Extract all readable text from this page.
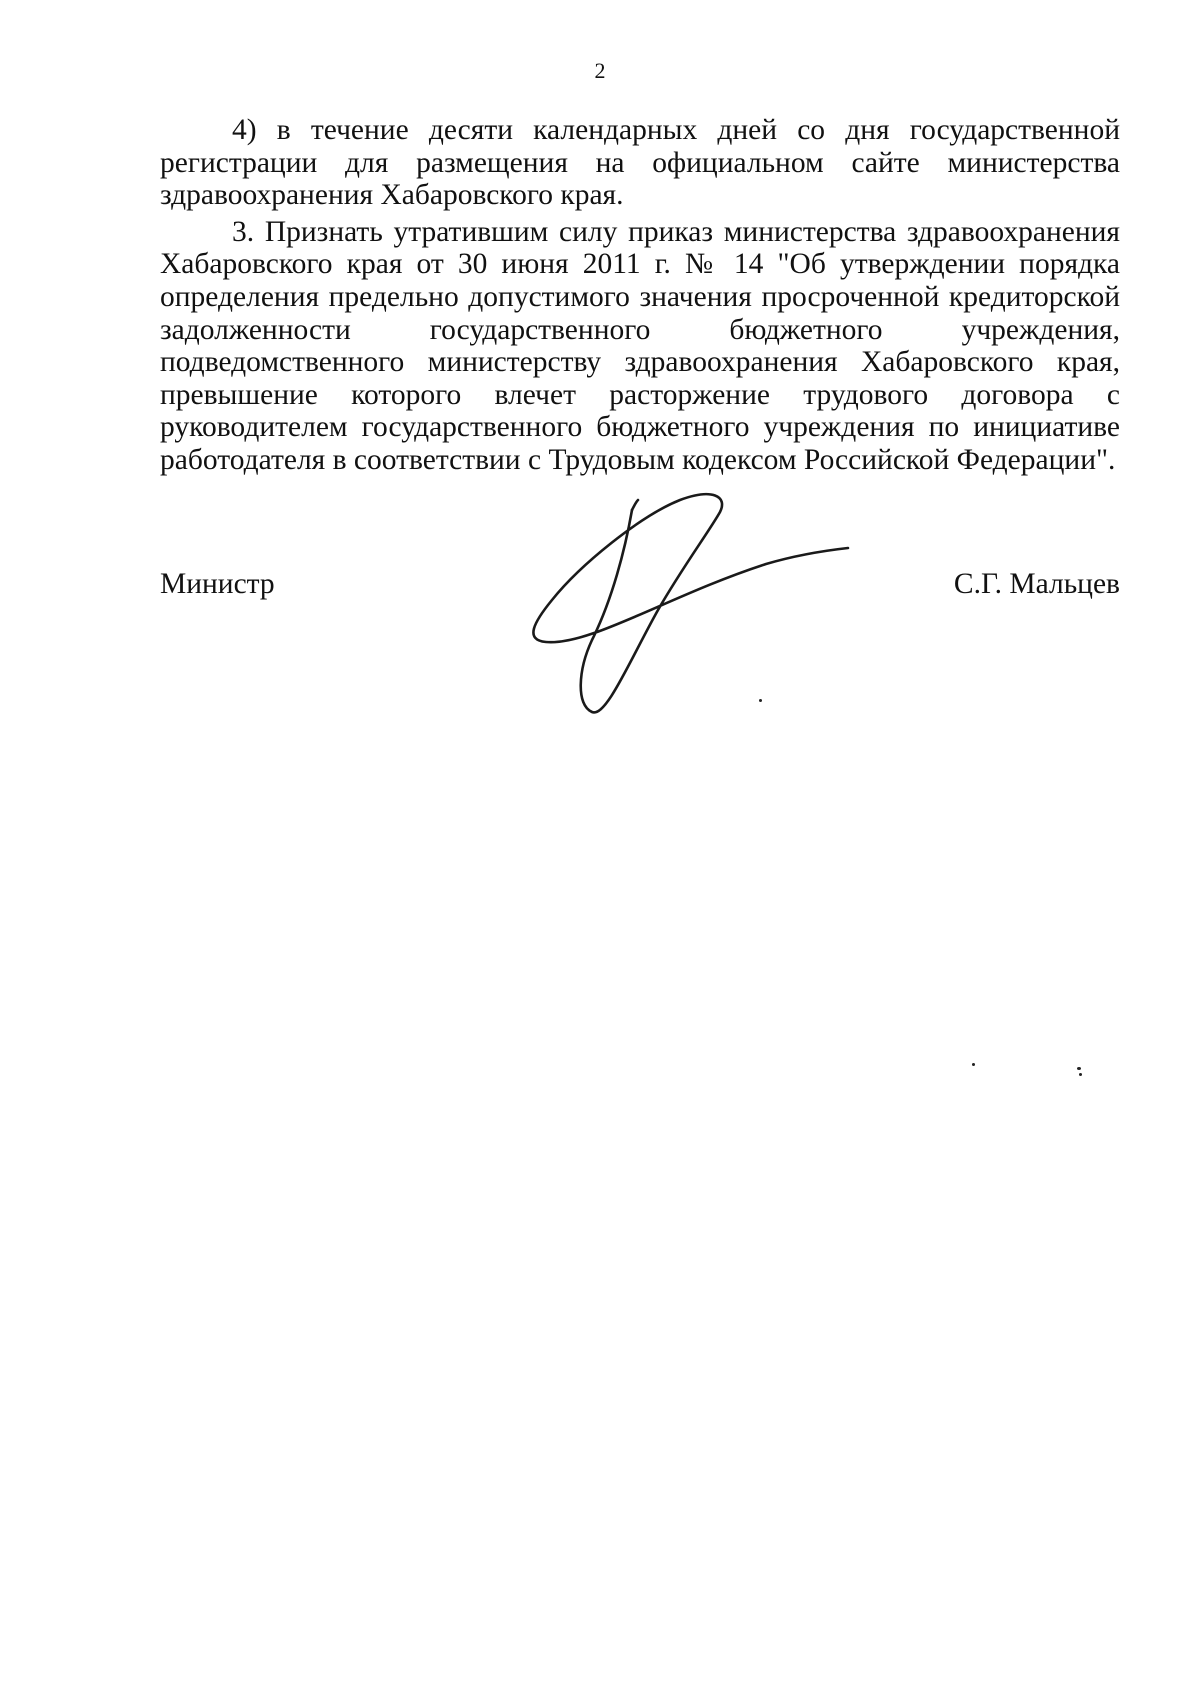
2

4) в течение десяти календарных дней со дня государственной регистрации для размещения на официальном сайте министерства здравоохранения Хабаровского края.

3. Признать утратившим силу приказ министерства здравоохранения Хабаровского края от 30 июня 2011 г. № 14 "Об утверждении порядка определения предельно допустимого значения просроченной кредиторской задолженности государственного бюджетного учреждения, подведомственного министерству здравоохранения Хабаровского края, превышение которого влечет расторжение трудового договора с руководителем государственного бюджетного учреждения по инициативе работодателя в соответствии с Трудовым кодексом Российской Федерации".

Министр	С.Г. Мальцев
